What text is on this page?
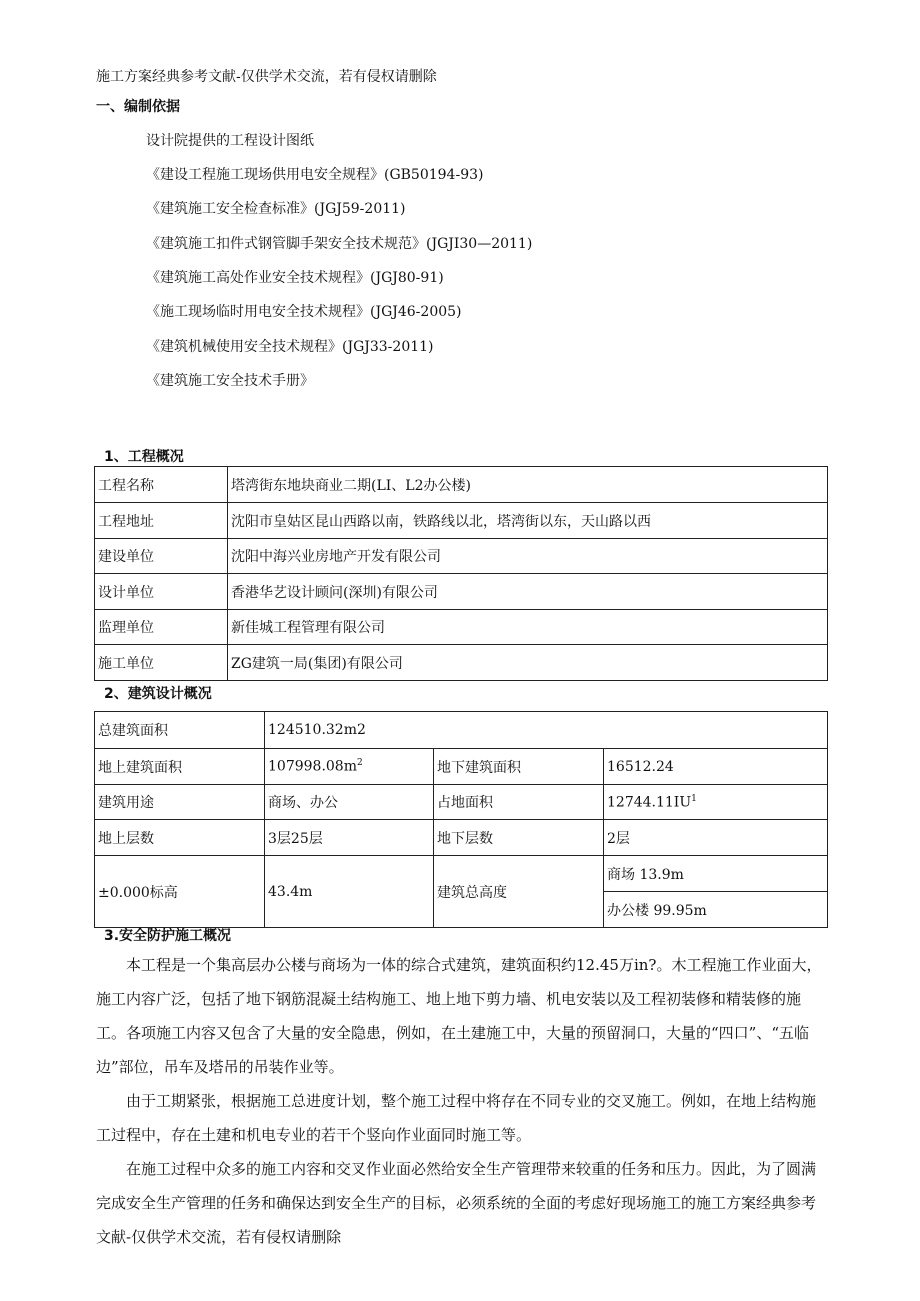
施工方案经典参考文献-仅供学术交流，若有侵权请删除
一、编制依据
设计院提供的工程设计图纸
《建设工程施工现场供用电安全规程》(GB50194-93)
《建筑施工安全检查标准》(JGJ59-2011)
《建筑施工扣件式钢管脚手架安全技术规范》(JGJI30—2011)
《建筑施工高处作业安全技术规程》(JGJ80-91)
《施工现场临时用电安全技术规程》(JGJ46-2005)
《建筑机械使用安全技术规程》(JGJ33-2011)
《建筑施工安全技术手册》
1、工程概况
工程名称	塔湾街东地块商业二期(LI、L2办公楼)
工程地址	沈阳市皇姑区昆山西路以南，铁路线以北，塔湾街以东，天山路以西
建设单位	沈阳中海兴业房地产开发有限公司
设计单位	香港华艺设计顾问(深圳)有限公司
监理单位	新佳城工程管理有限公司
施工单位	ZG建筑一局(集团)有限公司
2、建筑设计概况
总建筑面积	124510.32m2		
地上建筑面积	$107998.08m^2$	地下建筑面积	16512.24
建筑用途	商场、办公	占地面积	$12744.11IU^1$
地上层数	3层25层	地下层数	2层
±0.000标高	43.4m	建筑总高度	商场 13.9m
			办公楼 99.95m
3.安全防护施工概况

本工程是一个集高层办公楼与商场为一体的综合式建筑，建筑面积约12.45万in?。木工程施工作业面大，施工内容广泛，包括了地下钢筋混凝土结构施工、地上地下剪力墙、机电安装以及工程初装修和精装修的施工。各项施工内容又包含了大量的安全隐患，例如，在土建施工中，大量的预留洞口，大量的“四口”、“五临边”部位，吊车及塔吊的吊装作业等。

由于工期紧张，根据施工总进度计划，整个施工过程中将存在不同专业的交叉施工。例如，在地上结构施工过程中，存在土建和机电专业的若干个竖向作业面同时施工等。

在施工过程中众多的施工内容和交叉作业面必然给安全生产管理带来较重的任务和压力。因此，为了圆满完成安全生产管理的任务和确保达到安全生产的目标，必须系统的全面的考虑好现场施工的施工方案经典参考文献-仅供学术交流，若有侵权请删除
